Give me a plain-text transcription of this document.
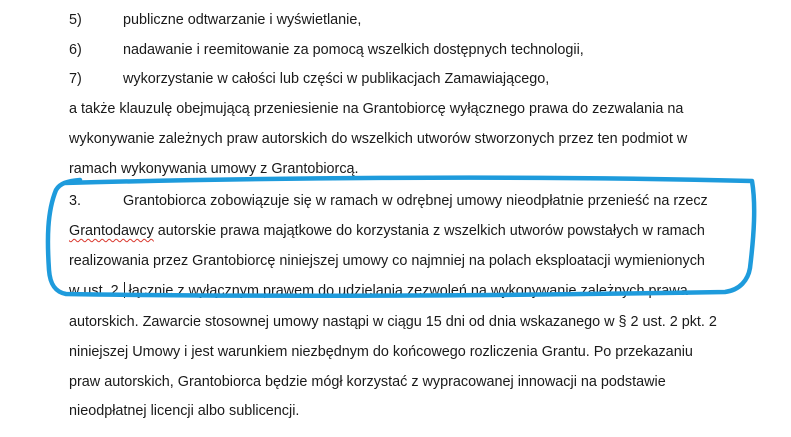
5)	publiczne odtwarzanie i wyświetlanie,
6)	nadawanie i reemitowanie za pomocą wszelkich dostępnych technologii,
7)	wykorzystanie w całości lub części w publikacjach Zamawiającego,
a także klauzulę obejmującą przeniesienie na Grantobiorcę wyłącznego prawa do zezwalania na
wykonywanie zależnych praw autorskich do wszelkich utworów stworzonych przez ten podmiot w
ramach wykonywania umowy z Grantobiorcą.
3.	Grantobiorca zobowiązuje się w ramach w odrębnej umowy nieodpłatnie przenieść na rzecz
Grantodawcy autorskie prawa majątkowe do korzystania z wszelkich utworów powstałych w ramach
realizowania przez Grantobiorcę niniejszej umowy co najmniej na polach eksploatacji wymienionych
w ust. 2, łącznie z wyłącznym prawem do udzielania zezwoleń na wykonywanie zależnych prawa
autorskich. Zawarcie stosownej umowy nastąpi w ciągu 15 dni od dnia wskazanego w § 2 ust. 2 pkt. 2
niniejszej Umowy i jest warunkiem niezbędnym do końcowego rozliczenia Grantu. Po przekazaniu
praw autorskich, Grantobiorca będzie mógł korzystać z wypracowanej innowacji na podstawie
nieodpłatnej licencji albo sublicencji.
